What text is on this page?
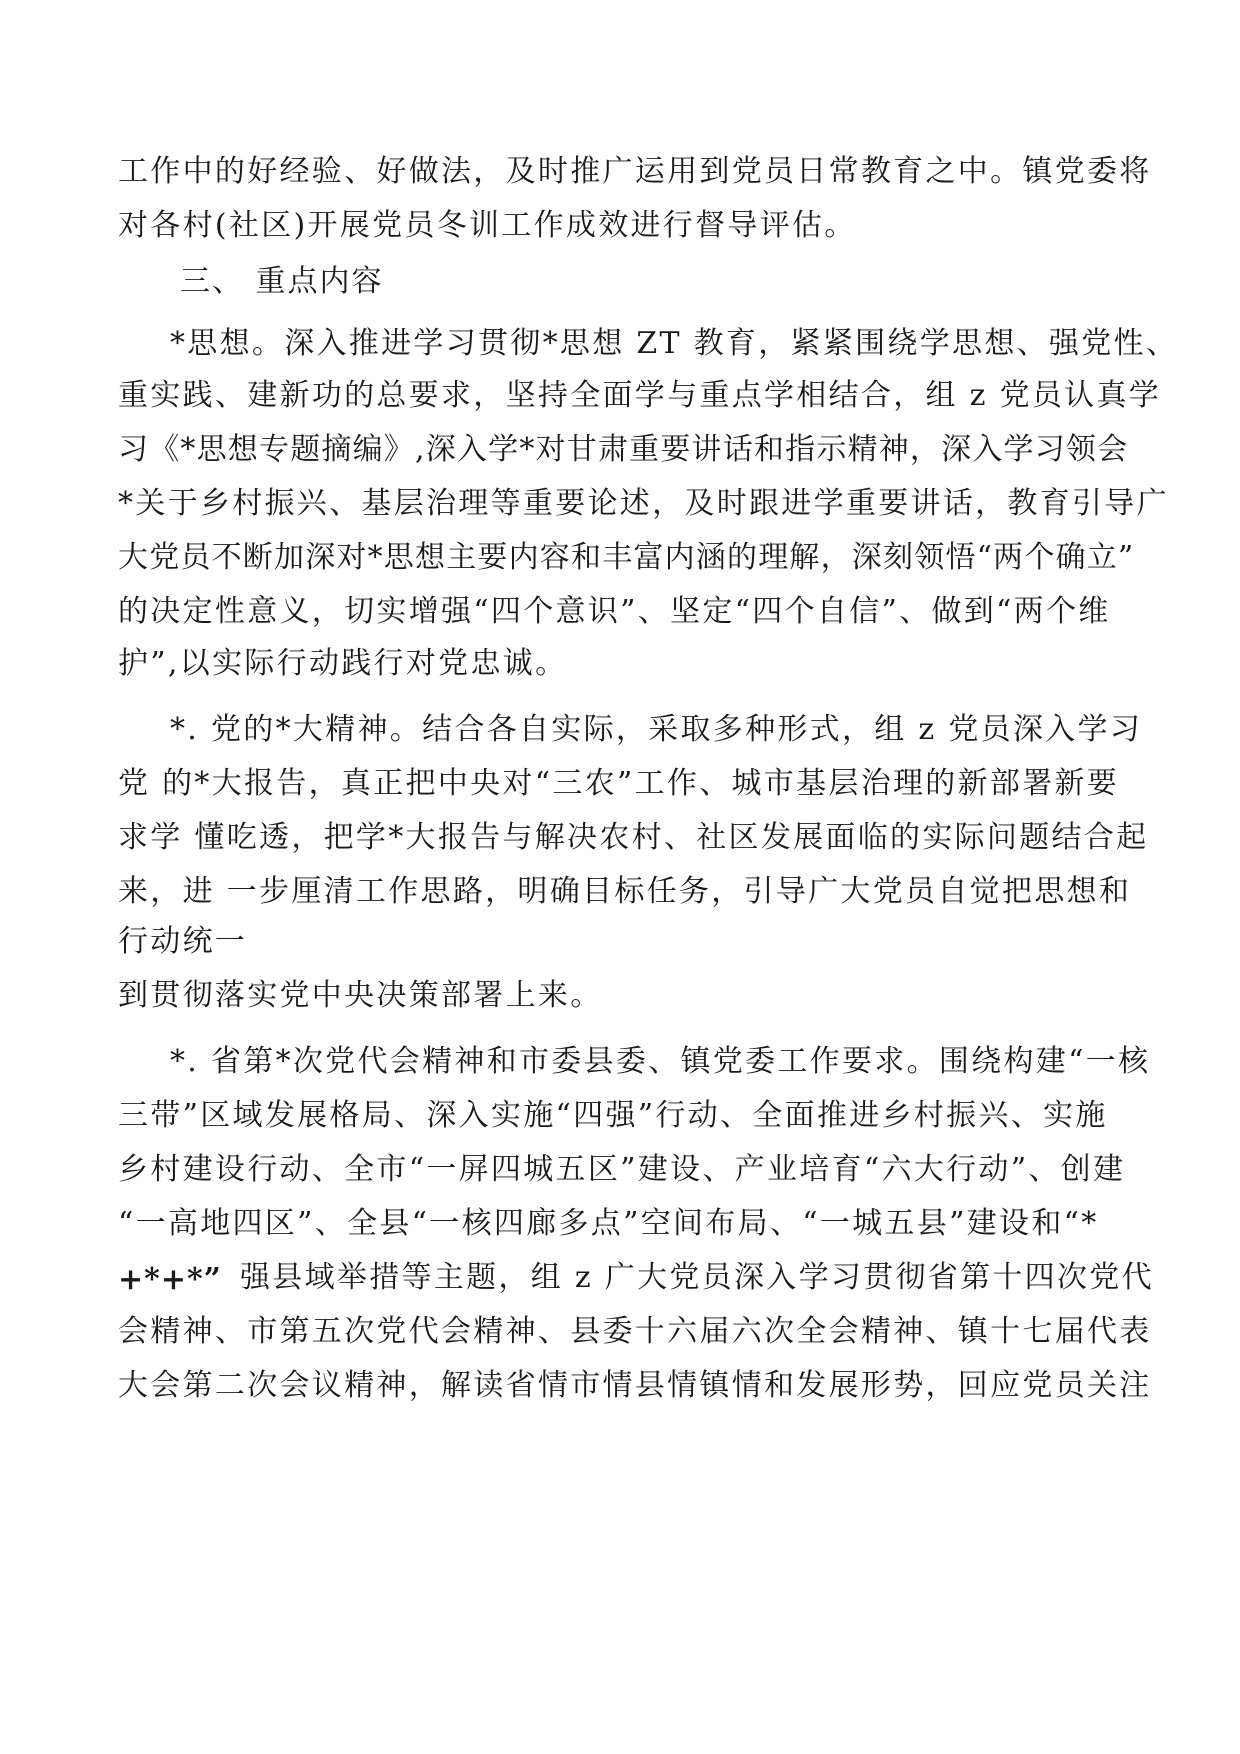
工作中的好经验、好做法，及时推广运用到党员日常教育之中。镇党委将
对各村(社区)开展党员冬训工作成效进行督导评估。
三、 重点内容
*思想。深入推进学习贯彻*思想 ZT 教育，紧紧围绕学思想、强党性、
重实践、建新功的总要求，坚持全面学与重点学相结合，组 z 党员认真学
习《*思想专题摘编》,深入学*对甘肃重要讲话和指示精神，深入学习领会
*关于乡村振兴、基层治理等重要论述，及时跟进学重要讲话，教育引导广
大党员不断加深对*思想主要内容和丰富内涵的理解，深刻领悟“两个确立”
的决定性意义，切实增强“四个意识”、坚定“四个自信”、做到“两个维
护”,以实际行动践行对党忠诚。
*. 党的*大精神。结合各自实际，采取多种形式，组 z 党员深入学习
党 的*大报告，真正把中央对“三农”工作、城市基层治理的新部署新要
求学 懂吃透，把学*大报告与解决农村、社区发展面临的实际问题结合起
来，进 一步厘清工作思路，明确目标任务，引导广大党员自觉把思想和
行动统一
到贯彻落实党中央决策部署上来。
*. 省第*次党代会精神和市委县委、镇党委工作要求。围绕构建“一核
三带”区域发展格局、深入实施“四强”行动、全面推进乡村振兴、实施
乡村建设行动、全市“一屏四城五区”建设、产业培育“六大行动”、创建
“一高地四区”、全县“一核四廊多点”空间布局、“一城五县”建设和“*
+*+*” 强县域举措等主题，组 z 广大党员深入学习贯彻省第十四次党代
会精神、市第五次党代会精神、县委十六届六次全会精神、镇十七届代表
大会第二次会议精神，解读省情市情县情镇情和发展形势，回应党员关注
